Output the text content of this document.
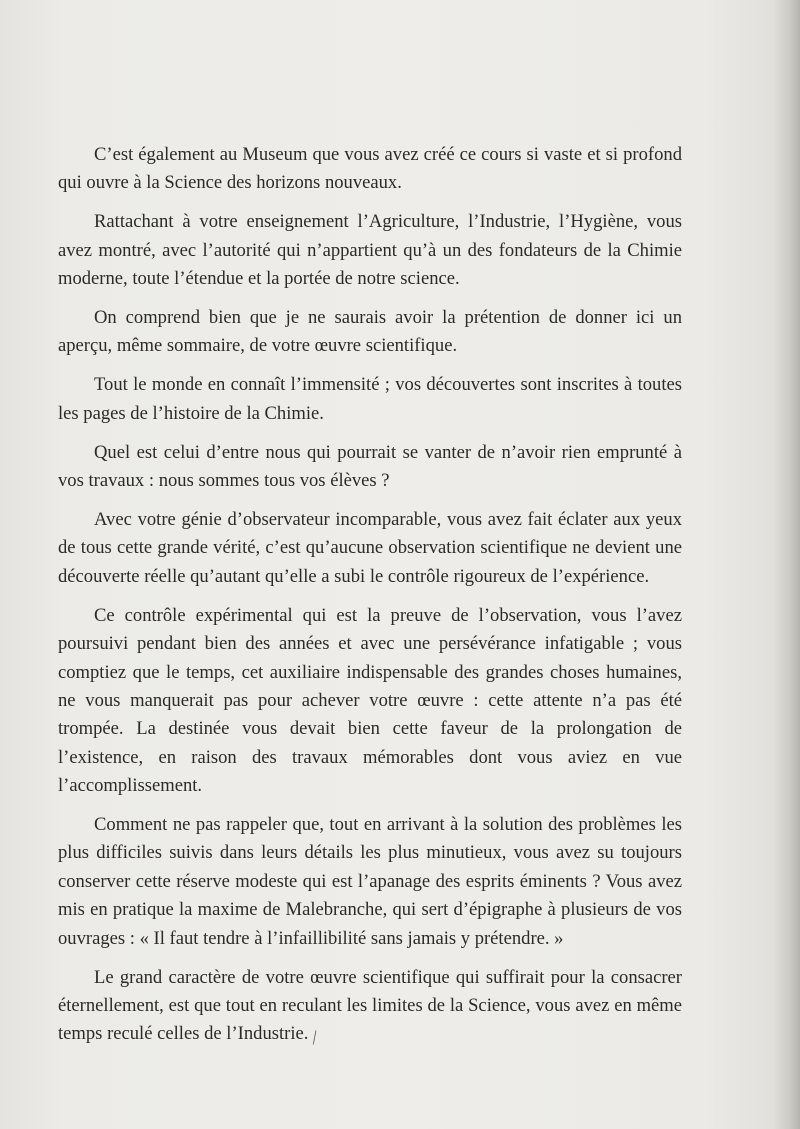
C’est également au Museum que vous avez créé ce cours si vaste et si profond qui ouvre à la Science des horizons nouveaux.

Rattachant à votre enseignement l’Agriculture, l’Industrie, l’Hygiène, vous avez montré, avec l’autorité qui n’appartient qu’à un des fondateurs de la Chimie moderne, toute l’étendue et la portée de notre science.

On comprend bien que je ne saurais avoir la prétention de donner ici un aperçu, même sommaire, de votre œuvre scientifique.

Tout le monde en connaît l’immensité ; vos découvertes sont inscrites à toutes les pages de l’histoire de la Chimie.

Quel est celui d’entre nous qui pourrait se vanter de n’avoir rien emprunté à vos travaux : nous sommes tous vos élèves ?

Avec votre génie d’observateur incomparable, vous avez fait éclater aux yeux de tous cette grande vérité, c’est qu’aucune observation scientifique ne devient une découverte réelle qu’autant qu’elle a subi le contrôle rigoureux de l’expérience.

Ce contrôle expérimental qui est la preuve de l’observation, vous l’avez poursuivi pendant bien des années et avec une persévérance infatigable ; vous comptiez que le temps, cet auxiliaire indispensable des grandes choses humaines, ne vous manquerait pas pour achever votre œuvre : cette attente n’a pas été trompée. La destinée vous devait bien cette faveur de la prolongation de l’existence, en raison des travaux mémorables dont vous aviez en vue l’accomplissement.

Comment ne pas rappeler que, tout en arrivant à la solution des problèmes les plus difficiles suivis dans leurs détails les plus minutieux, vous avez su toujours conserver cette réserve modeste qui est l’apanage des esprits éminents ? Vous avez mis en pratique la maxime de Malebranche, qui sert d’épigraphe à plusieurs de vos ouvrages : « Il faut tendre à l’infaillibilité sans jamais y prétendre. »

Le grand caractère de votre œuvre scientifique qui suffirait pour la consacrer éternellement, est que tout en reculant les limites de la Science, vous avez en même temps reculé celles de l’Industrie. /
